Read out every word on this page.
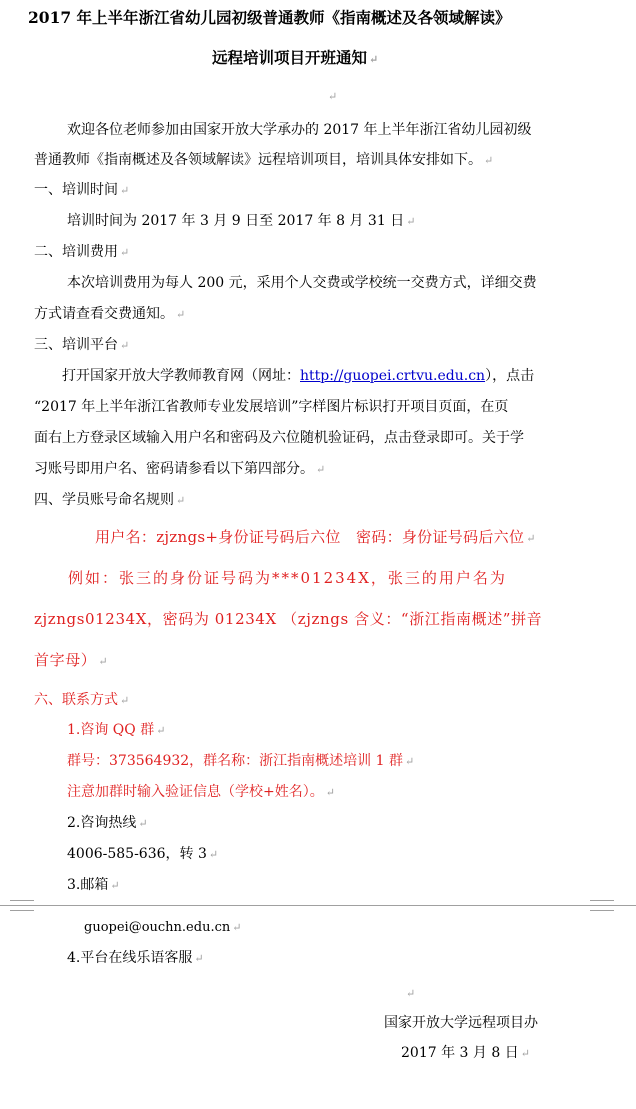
2017 年上半年浙江省幼儿园初级普通教师《指南概述及各领域解读》
远程培训项目开班通知 ↵
↵
欢迎各位老师参加由国家开放大学承办的 2017 年上半年浙江省幼儿园初级
普通教师《指南概述及各领域解读》远程培训项目，培训具体安排如下。 ↵
一、培训时间 ↵
培训时间为 2017 年 3 月 9 日至 2017 年 8 月 31 日 ↵
二、培训费用 ↵
本次培训费用为每人 200 元，采用个人交费或学校统一交费方式，详细交费
方式请查看交费通知。 ↵
三、培训平台 ↵
打开国家开放大学教师教育网（网址：http://guopei.crtvu.edu.cn），点击
“2017 年上半年浙江省教师专业发展培训”字样图片标识打开项目页面，在页
面右上方登录区域输入用户名和密码及六位随机验证码，点击登录即可。关于学
习账号即用户名、密码请参看以下第四部分。 ↵
四、学员账号命名规则 ↵
用户名：zjzngs+身份证号码后六位　密码：身份证号码后六位 ↵
例如：张三的身份证号码为***01234X，张三的用户名为
zjzngs01234X，密码为 01234X （zjzngs 含义：“浙江指南概述”拼音
首字母） ↵
六、联系方式 ↵
1.咨询 QQ 群 ↵
群号：373564932，群名称：浙江指南概述培训 1 群 ↵
注意加群时输入验证信息（学校+姓名）。 ↵
2.咨询热线 ↵
4006-585-636，转 3 ↵
3.邮箱 ↵
guopei@ouchn.edu.cn ↵
4.平台在线乐语客服 ↵
↵
国家开放大学远程项目办
2017 年 3 月 8 日 ↵
